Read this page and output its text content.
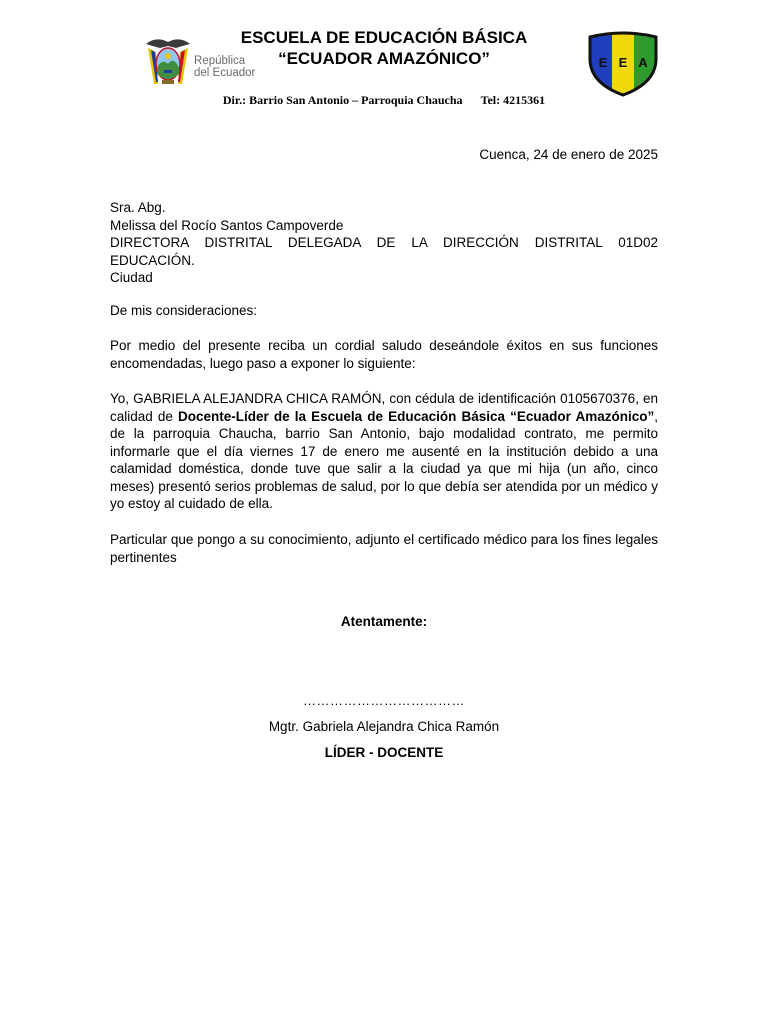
República
del Ecuador
ESCUELA DE EDUCACIÓN BÁSICA
“ECUADOR AMAZÓNICO”	E E A
Dir.: Barrio San Antonio – Parroquia Chaucha Tel: 4215361
Cuenca, 24 de enero de 2025

Sra. Abg.

Melissa del Rocío Santos Campoverde

DIRECTORA DISTRITAL DELEGADA DE LA DIRECCIÓN DISTRITAL 01D02 EDUCACIÓN.

Ciudad

De mis consideraciones:
Por medio del presente reciba un cordial saludo deseándole éxitos en sus funciones encomendadas, luego paso a exponer lo siguiente:
Yo, GABRIELA ALEJANDRA CHICA RAMÓN, con cédula de identificación 0105670376, en calidad de Docente-Líder de la Escuela de Educación Básica “Ecuador Amazónico”, de la parroquia Chaucha, barrio San Antonio, bajo modalidad contrato, me permito informarle que el día viernes 17 de enero me ausenté en la institución debido a una calamidad doméstica, donde tuve que salir a la ciudad ya que mi hija (un año, cinco meses) presentó serios problemas de salud, por lo que debía ser atendida por un médico y yo estoy al cuidado de ella.
Particular que pongo a su conocimiento, adjunto el certificado médico para los fines legales pertinentes
Atentamente:
………………………………
Mgtr. Gabriela Alejandra Chica Ramón
LÍDER - DOCENTE
